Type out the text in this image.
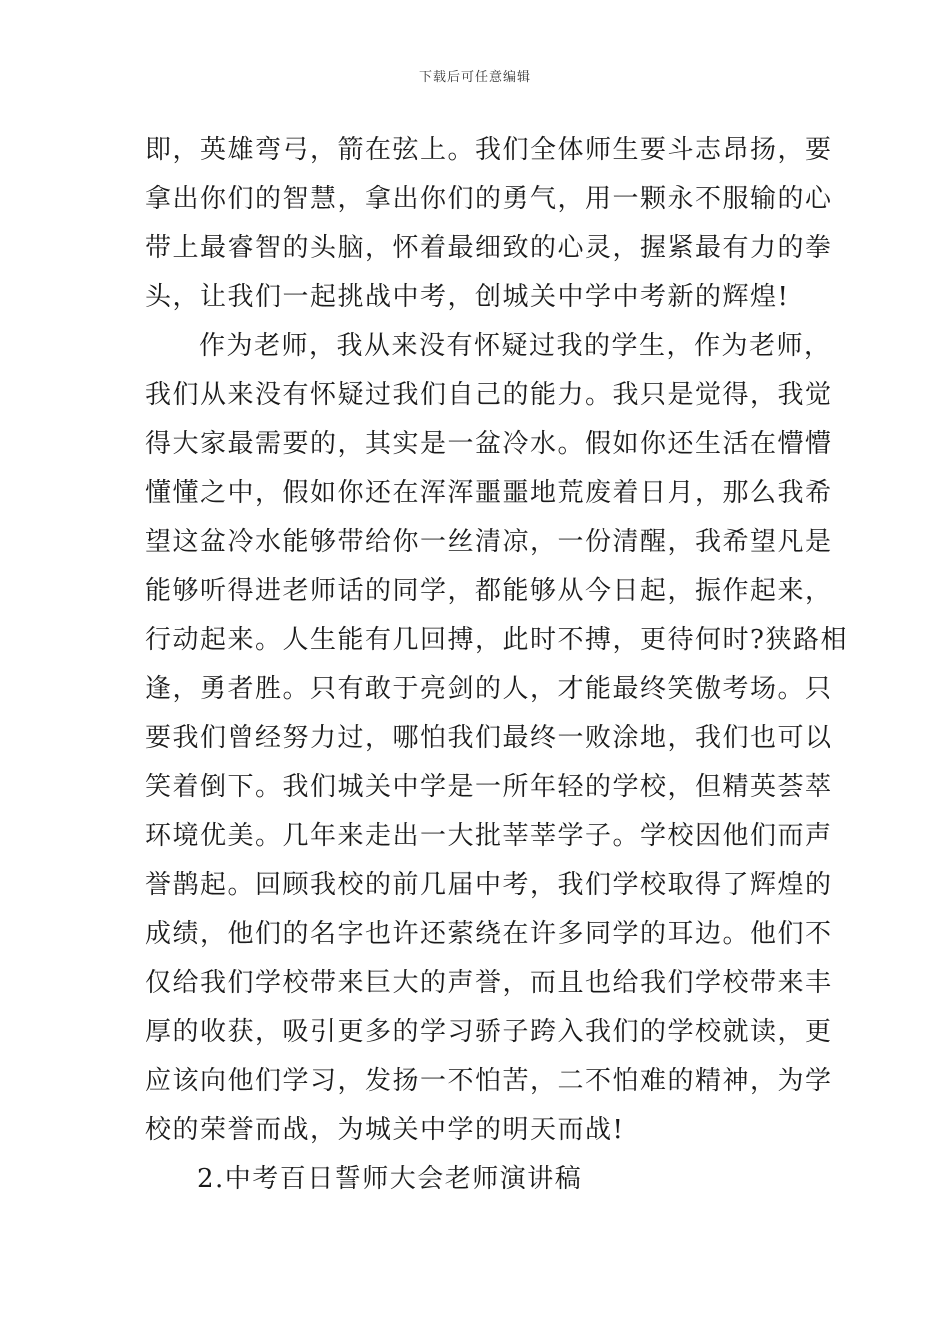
下载后可任意编辑
即，英雄弯弓，箭在弦上。我们全体师生要斗志昂扬，要
拿出你们的智慧，拿出你们的勇气，用一颗永不服输的心
带上最睿智的头脑，怀着最细致的心灵，握紧最有力的拳
头，让我们一起挑战中考，创城关中学中考新的辉煌!
作为老师，我从来没有怀疑过我的学生，作为老师，
我们从来没有怀疑过我们自己的能力。我只是觉得，我觉
得大家最需要的，其实是一盆冷水。假如你还生活在懵懵
懂懂之中，假如你还在浑浑噩噩地荒废着日月，那么我希
望这盆冷水能够带给你一丝清凉，一份清醒，我希望凡是
能够听得进老师话的同学，都能够从今日起，振作起来，
行动起来。人生能有几回搏，此时不搏，更待何时?狭路相
逢，勇者胜。只有敢于亮剑的人，才能最终笑傲考场。只
要我们曾经努力过，哪怕我们最终一败涂地，我们也可以
笑着倒下。我们城关中学是一所年轻的学校，但精英荟萃
环境优美。几年来走出一大批莘莘学子。学校因他们而声
誉鹊起。回顾我校的前几届中考，我们学校取得了辉煌的
成绩，他们的名字也许还萦绕在许多同学的耳边。他们不
仅给我们学校带来巨大的声誉，而且也给我们学校带来丰
厚的收获，吸引更多的学习骄子跨入我们的学校就读，更
应该向他们学习，发扬一不怕苦，二不怕难的精神，为学
校的荣誉而战，为城关中学的明天而战!
2.中考百日誓师大会老师演讲稿
